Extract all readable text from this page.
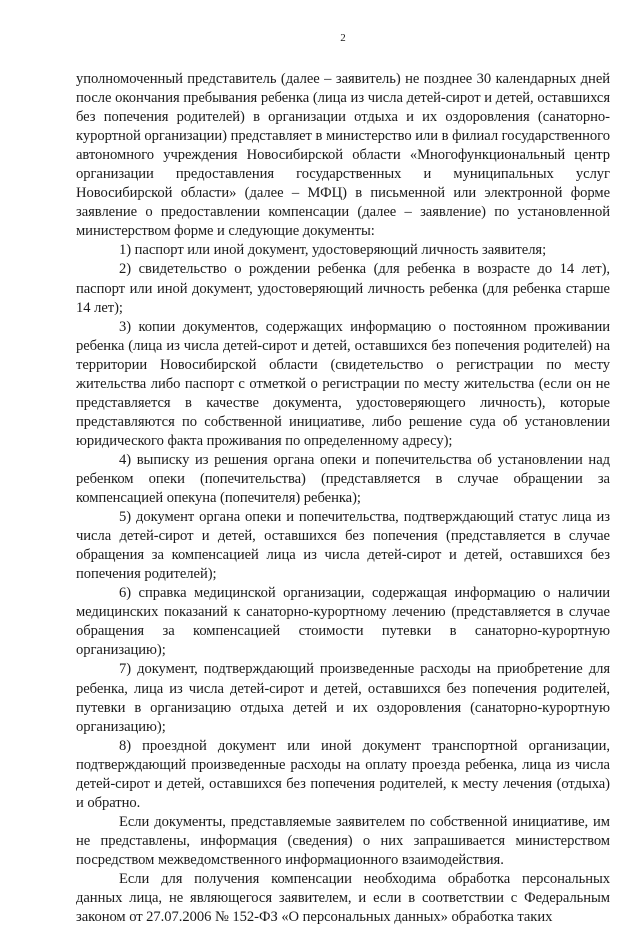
2

уполномоченный представитель (далее – заявитель) не позднее 30 календарных дней после окончания пребывания ребенка (лица из числа детей-сирот и детей, оставшихся без попечения родителей) в организации отдыха и их оздоровления (санаторно-курортной организации) представляет в министерство или в филиал государственного автономного учреждения Новосибирской области «Многофункциональный центр организации предоставления государственных и муниципальных услуг Новосибирской области» (далее – МФЦ) в письменной или электронной форме заявление о предоставлении компенсации (далее – заявление) по установленной министерством форме и следующие документы:

1) паспорт или иной документ, удостоверяющий личность заявителя;

2) свидетельство о рождении ребенка (для ребенка в возрасте до 14 лет), паспорт или иной документ, удостоверяющий личность ребенка (для ребенка старше 14 лет);

3) копии документов, содержащих информацию о постоянном проживании ребенка (лица из числа детей-сирот и детей, оставшихся без попечения родителей) на территории Новосибирской области (свидетельство о регистрации по месту жительства либо паспорт с отметкой о регистрации по месту жительства (если он не представляется в качестве документа, удостоверяющего личность), которые представляются по собственной инициативе, либо решение суда об установлении юридического факта проживания по определенному адресу);

4) выписку из решения органа опеки и попечительства об установлении над ребенком опеки (попечительства) (представляется в случае обращении за компенсацией опекуна (попечителя) ребенка);

5) документ органа опеки и попечительства, подтверждающий статус лица из числа детей-сирот и детей, оставшихся без попечения (представляется в случае обращения за компенсацией лица из числа детей-сирот и детей, оставшихся без попечения родителей);

6) справка медицинской организации, содержащая информацию о наличии медицинских показаний к санаторно-курортному лечению (представляется в случае обращения за компенсацией стоимости путевки в санаторно-курортную организацию);

7) документ, подтверждающий произведенные расходы на приобретение для ребенка, лица из числа детей-сирот и детей, оставшихся без попечения родителей, путевки в организацию отдыха детей и их оздоровления (санаторно-курортную организацию);

8) проездной документ или иной документ транспортной организации, подтверждающий произведенные расходы на оплату проезда ребенка, лица из числа детей-сирот и детей, оставшихся без попечения родителей, к месту лечения (отдыха) и обратно.

Если документы, представляемые заявителем по собственной инициативе, им не представлены, информация (сведения) о них запрашивается министерством посредством межведомственного информационного взаимодействия.

Если для получения компенсации необходима обработка персональных данных лица, не являющегося заявителем, и если в соответствии с Федеральным законом от 27.07.2006 № 152-ФЗ «О персональных данных» обработка таких
